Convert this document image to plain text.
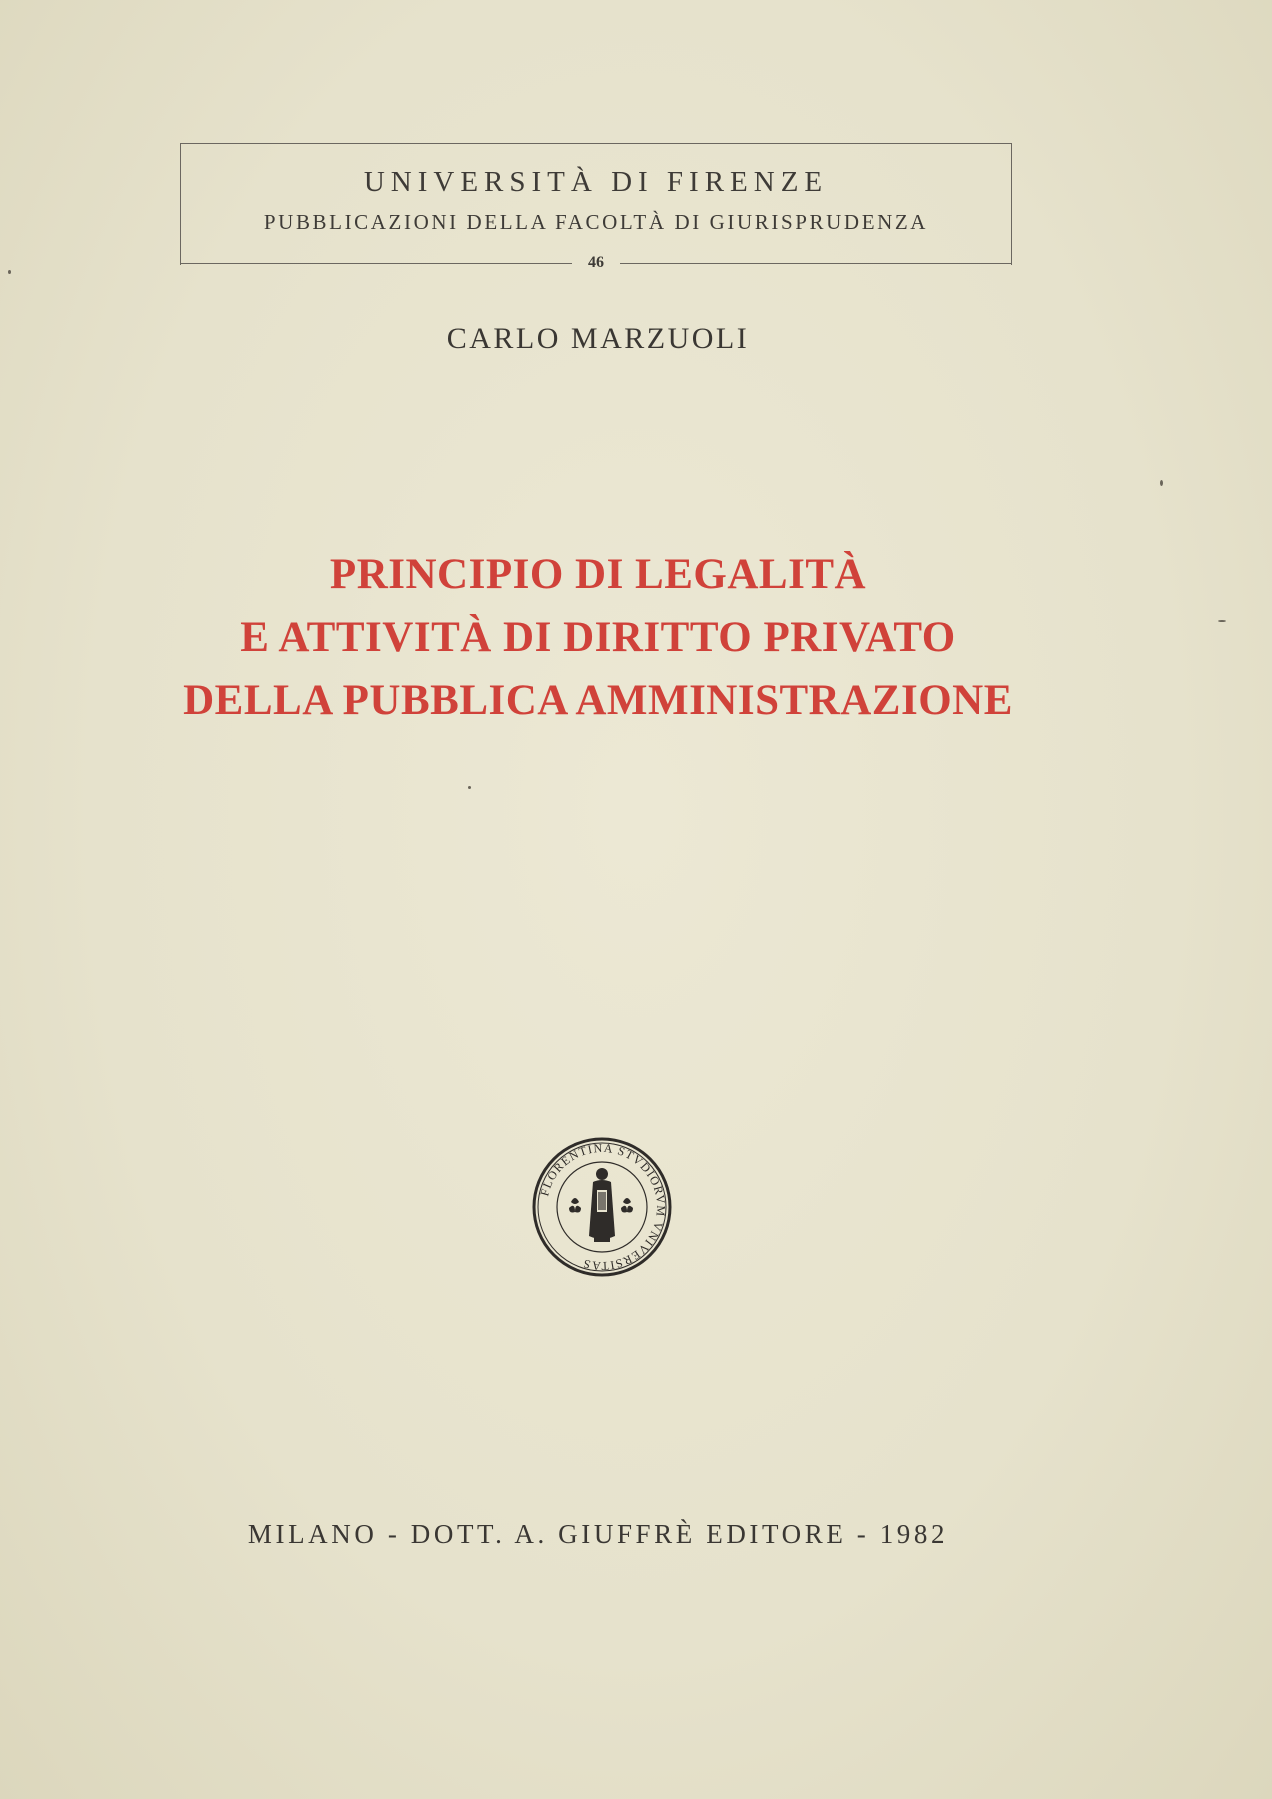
UNIVERSITÀ DI FIRENZE
PUBBLICAZIONI DELLA FACOLTÀ DI GIURISPRUDENZA
46
CARLO MARZUOLI
PRINCIPIO DI LEGALITÀ
E ATTIVITÀ DI DIRITTO PRIVATO
DELLA PUBBLICA AMMINISTRAZIONE
FLORENTINA STVDIORVM VNIVERSITAS
MILANO - DOTT. A. GIUFFRÈ EDITORE - 1982
